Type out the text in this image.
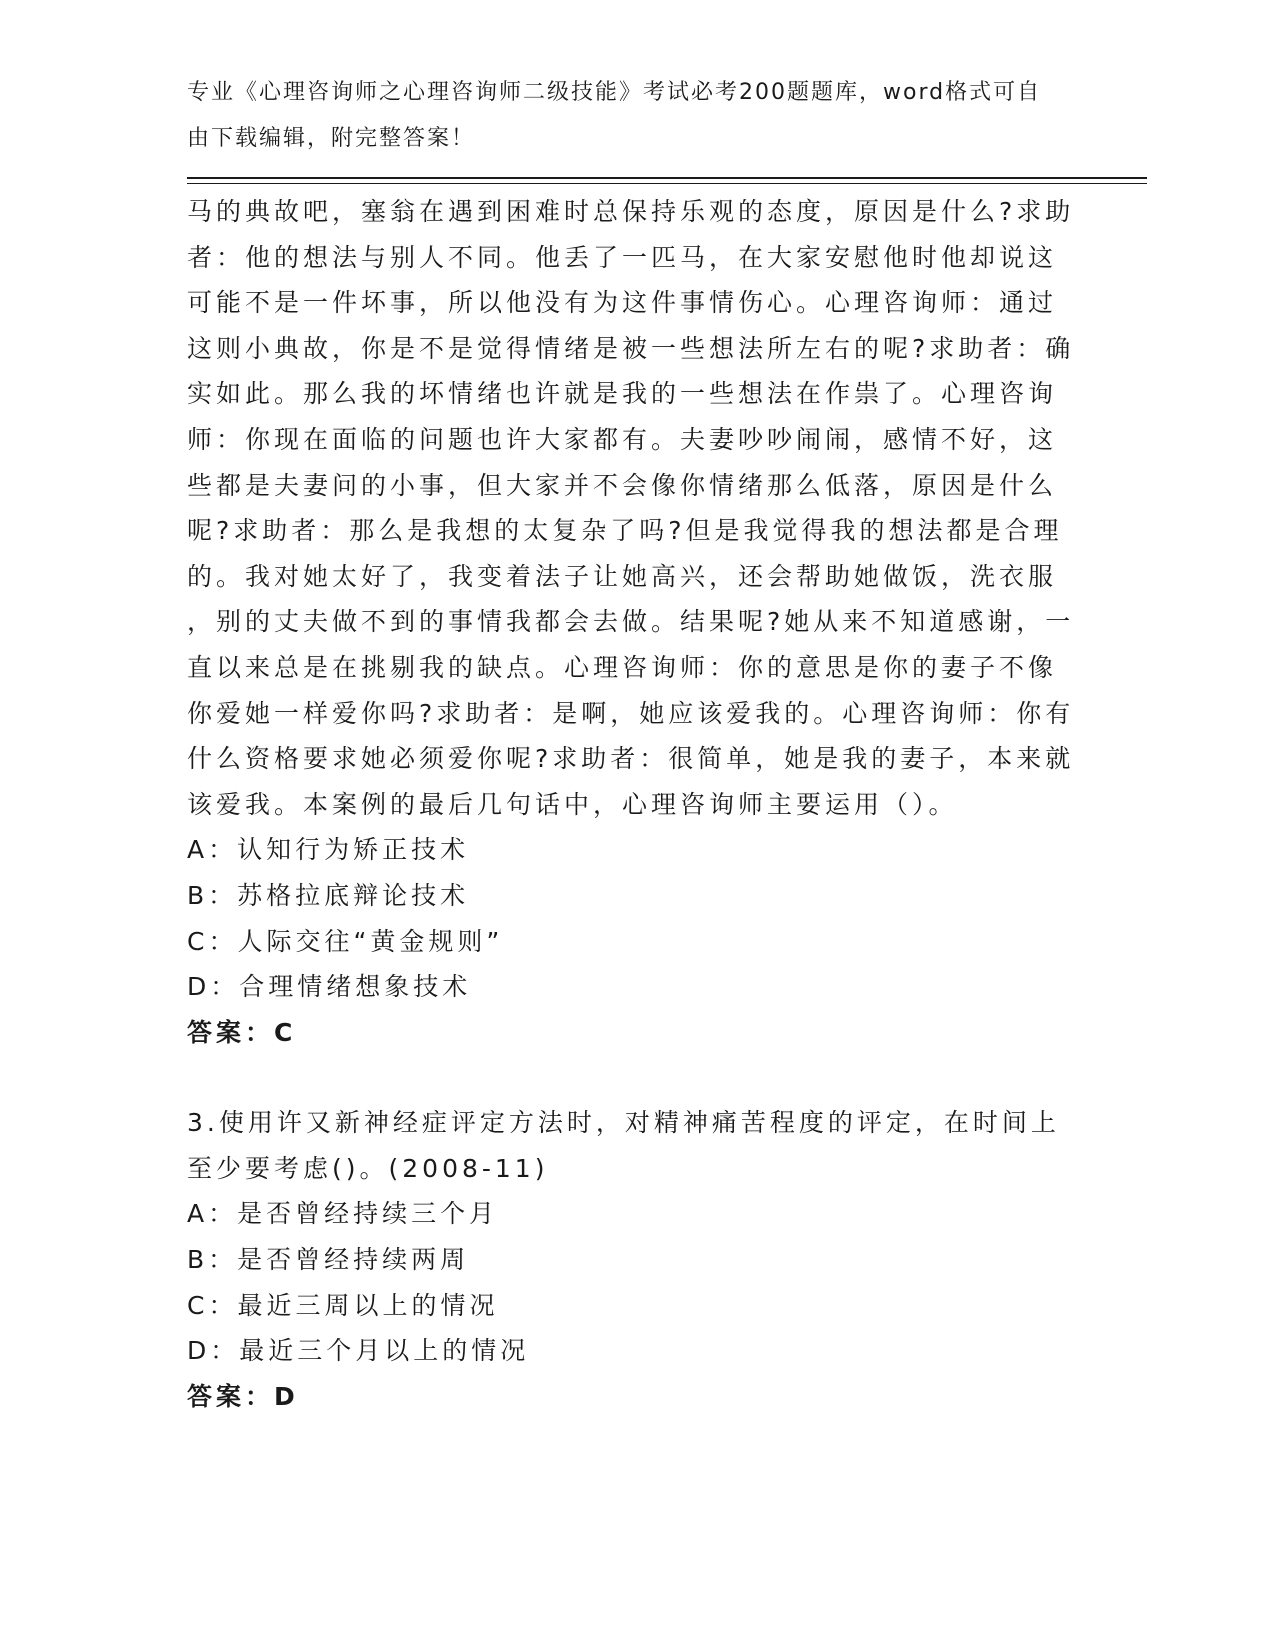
专业《心理咨询师之心理咨询师二级技能》考试必考200题题库，word格式可自
由下载编辑，附完整答案！
马的典故吧，塞翁在遇到困难时总保持乐观的态度，原因是什么?求助
者：他的想法与别人不同。他丢了一匹马，在大家安慰他时他却说这
可能不是一件坏事，所以他没有为这件事情伤心。心理咨询师：通过
这则小典故，你是不是觉得情绪是被一些想法所左右的呢?求助者：确
实如此。那么我的坏情绪也许就是我的一些想法在作祟了。心理咨询
师：你现在面临的问题也许大家都有。夫妻吵吵闹闹，感情不好，这
些都是夫妻问的小事，但大家并不会像你情绪那么低落，原因是什么
呢?求助者：那么是我想的太复杂了吗?但是我觉得我的想法都是合理
的。我对她太好了，我变着法子让她高兴，还会帮助她做饭，洗衣服
，别的丈夫做不到的事情我都会去做。结果呢?她从来不知道感谢，一
直以来总是在挑剔我的缺点。心理咨询师：你的意思是你的妻子不像
你爱她一样爱你吗?求助者：是啊，她应该爱我的。心理咨询师：你有
什么资格要求她必须爱你呢?求助者：很简单，她是我的妻子，本来就
该爱我。本案例的最后几句话中，心理咨询师主要运用（）。
A：认知行为矫正技术
B：苏格拉底辩论技术
C：人际交往“黄金规则”
D：合理情绪想象技术
答案：C
3.使用许又新神经症评定方法时，对精神痛苦程度的评定，在时间上
至少要考虑()。(2008-11)
A：是否曾经持续三个月
B：是否曾经持续两周
C：最近三周以上的情况
D：最近三个月以上的情况
答案：D
